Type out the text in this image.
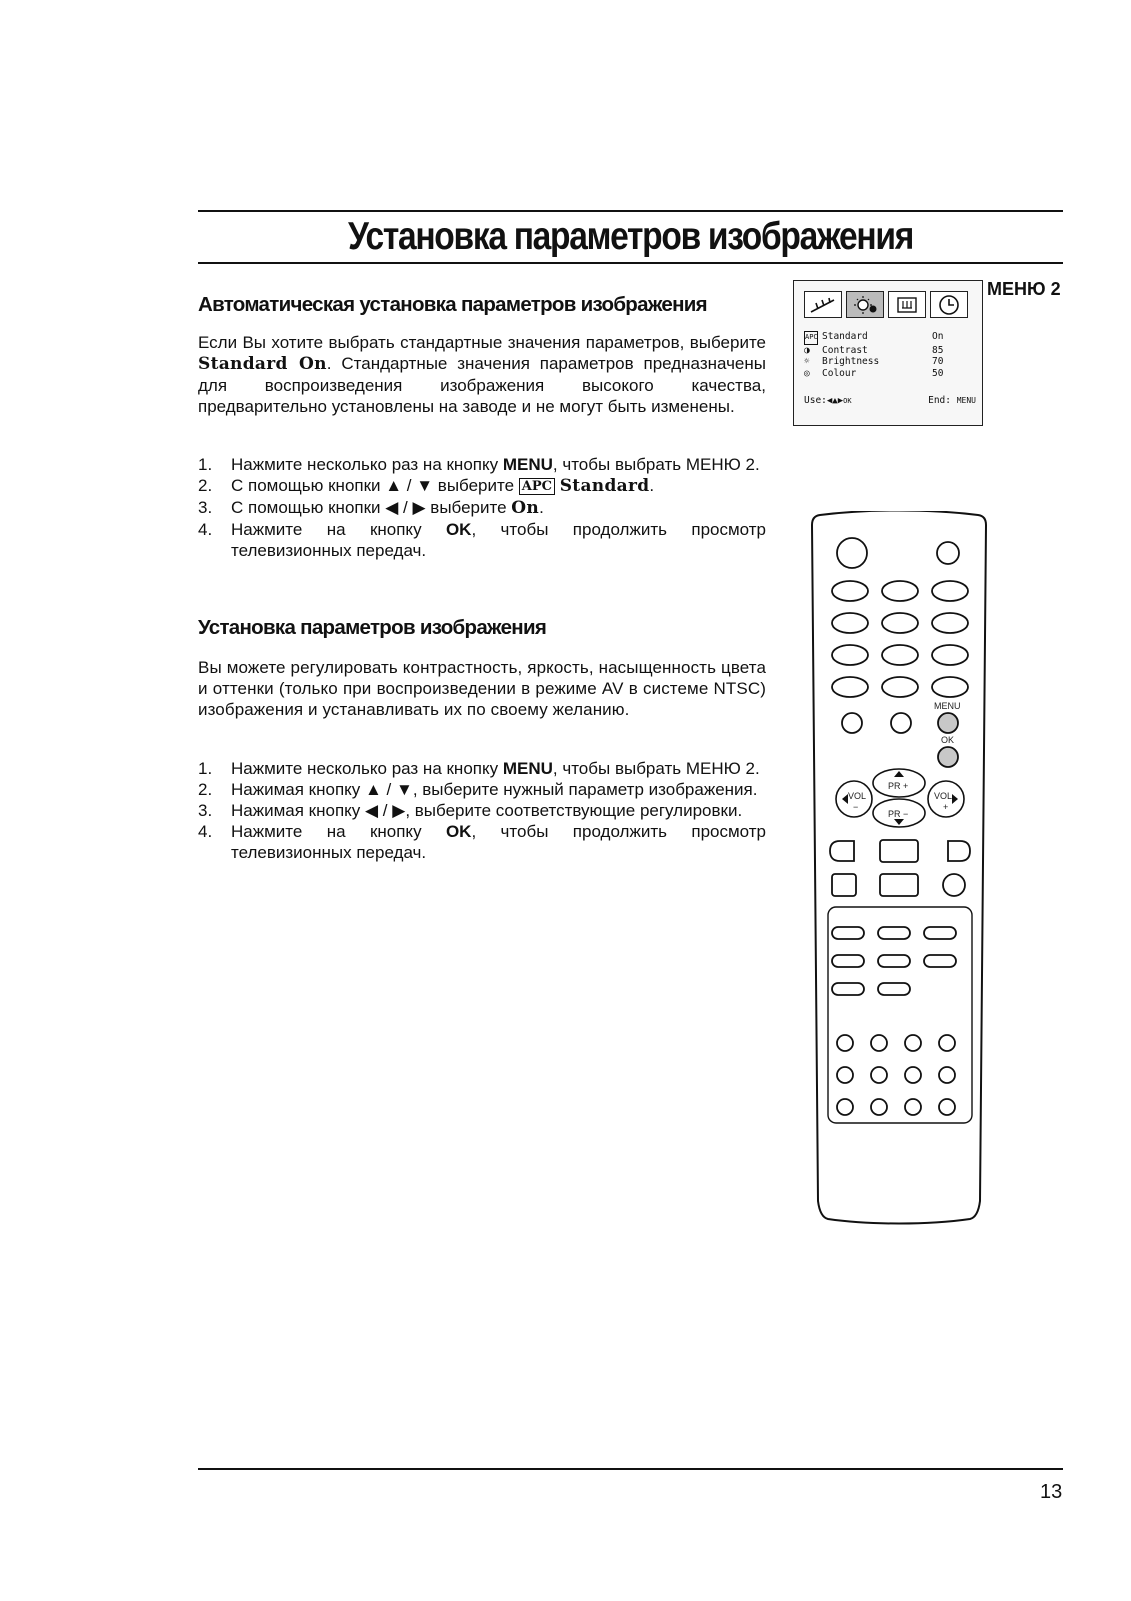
Установка параметров изображения
Автоматическая установка параметров изображения
Если Вы хотите выбрать стандартные значения параметров, выберите Standard On. Стандартные значения параметров предназначены для воспроизведения изображения высокого качества, предварительно установлены на заводе и не могут быть изменены.
1. Нажмите несколько раз на кнопку MENU, чтобы выбрать МЕНЮ 2.
2. С помощью кнопки ▲ / ▼ выберите APC Standard.
3. С помощью кнопки ◀ / ▶ выберите On.
4. Нажмите на кнопку OK, чтобы продолжить просмотр телевизионных передач.
Установка параметров изображения
Вы можете регулировать контрастность, яркость, насыщенность цвета и оттенки (только при воспроизведении в режиме AV в системе NTSC) изображения и устанавливать их по своему желанию.
1. Нажмите несколько раз на кнопку MENU, чтобы выбрать МЕНЮ 2.
2. Нажимая кнопку ▲ / ▼, выберите нужный параметр изображения.
3. Нажимая кнопку ◀ / ▶, выберите соответствующие регулировки.
4. Нажмите на кнопку OK, чтобы продолжить просмотр телевизионных передач.
APC Standard	On
◑	Contrast	85
☼	Brightness	70
◎	Colour	50
Use:◀▲▶OK	End: MENU
МЕНЮ 2
MENU
OK
PR +
PR −
VOL
−
VOL
+
13
